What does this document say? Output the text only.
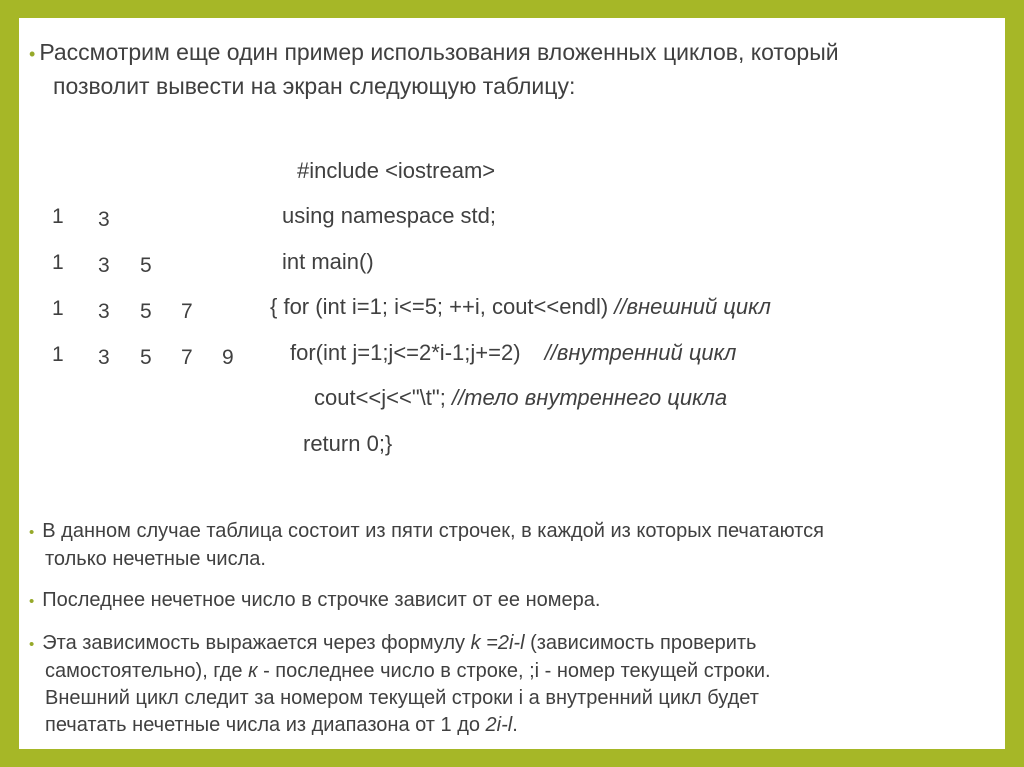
• Рассмотрим еще один пример использования вложенных циклов, который
позволит вывести на экран следующую таблицу:
#include <iostream>
using namespace std;
int main()
{ for (int i=1; i<=5; ++i, cout<<endl) //внешний цикл
for(int j=1;j<=2*i-1;j+=2) //внутренний цикл
cout<<j<<"\t"; //тело внутреннего цикла
return 0;}
1 3
1 3 5
1 3 5 7
1 3 5 7 9
• В данном случае таблица состоит из пяти строчек, в каждой из которых печатаются
только нечетные числа.
• Последнее нечетное число в строчке зависит от ее номера.
• Эта зависимость выражается через формулу k =2i-l (зависимость проверить
самостоятельно), где к - последнее число в строке, ;i - номер текущей строки.
Внешний цикл следит за номером текущей строки i а внутренний цикл будет
печатать нечетные числа из диапазона от 1 до 2i-l.
